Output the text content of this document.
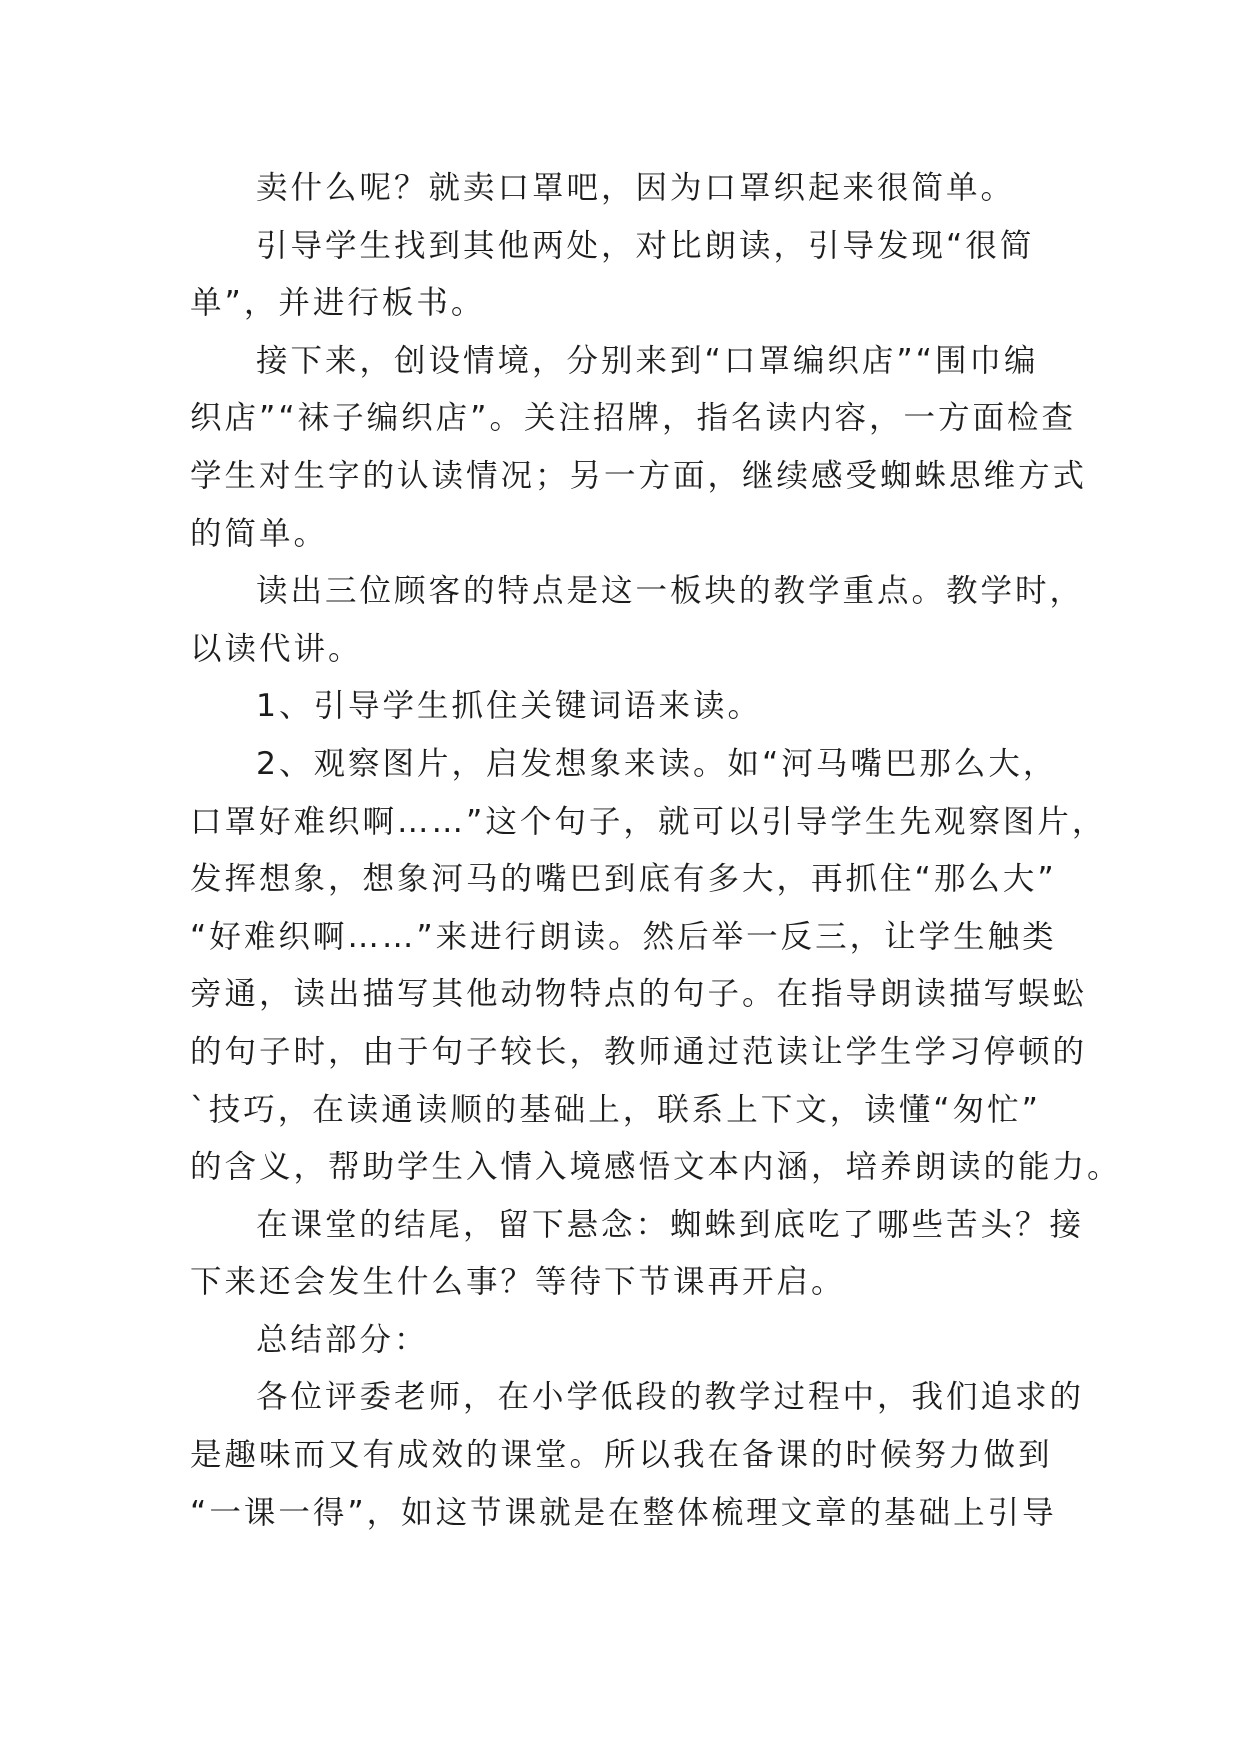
卖什么呢？就卖口罩吧，因为口罩织起来很简单。
引导学生找到其他两处，对比朗读，引导发现“很简
单”，并进行板书。
接下来，创设情境，分别来到“口罩编织店”“围巾编
织店”“袜子编织店”。关注招牌，指名读内容，一方面检查
学生对生字的认读情况；另一方面，继续感受蜘蛛思维方式
的简单。
读出三位顾客的特点是这一板块的教学重点。教学时，
以读代讲。
1、引导学生抓住关键词语来读。
2、观察图片，启发想象来读。如“河马嘴巴那么大，
口罩好难织啊……”这个句子，就可以引导学生先观察图片，
发挥想象，想象河马的嘴巴到底有多大，再抓住“那么大”
“好难织啊……”来进行朗读。然后举一反三，让学生触类
旁通，读出描写其他动物特点的句子。在指导朗读描写蜈蚣
的句子时，由于句子较长，教师通过范读让学生学习停顿的
`技巧，在读通读顺的基础上，联系上下文，读懂“匆忙”
的含义，帮助学生入情入境感悟文本内涵，培养朗读的能力。
在课堂的结尾，留下悬念：蜘蛛到底吃了哪些苦头？接
下来还会发生什么事？等待下节课再开启。
总结部分：
各位评委老师，在小学低段的教学过程中，我们追求的
是趣味而又有成效的课堂。所以我在备课的时候努力做到
“一课一得”，如这节课就是在整体梳理文章的基础上引导
